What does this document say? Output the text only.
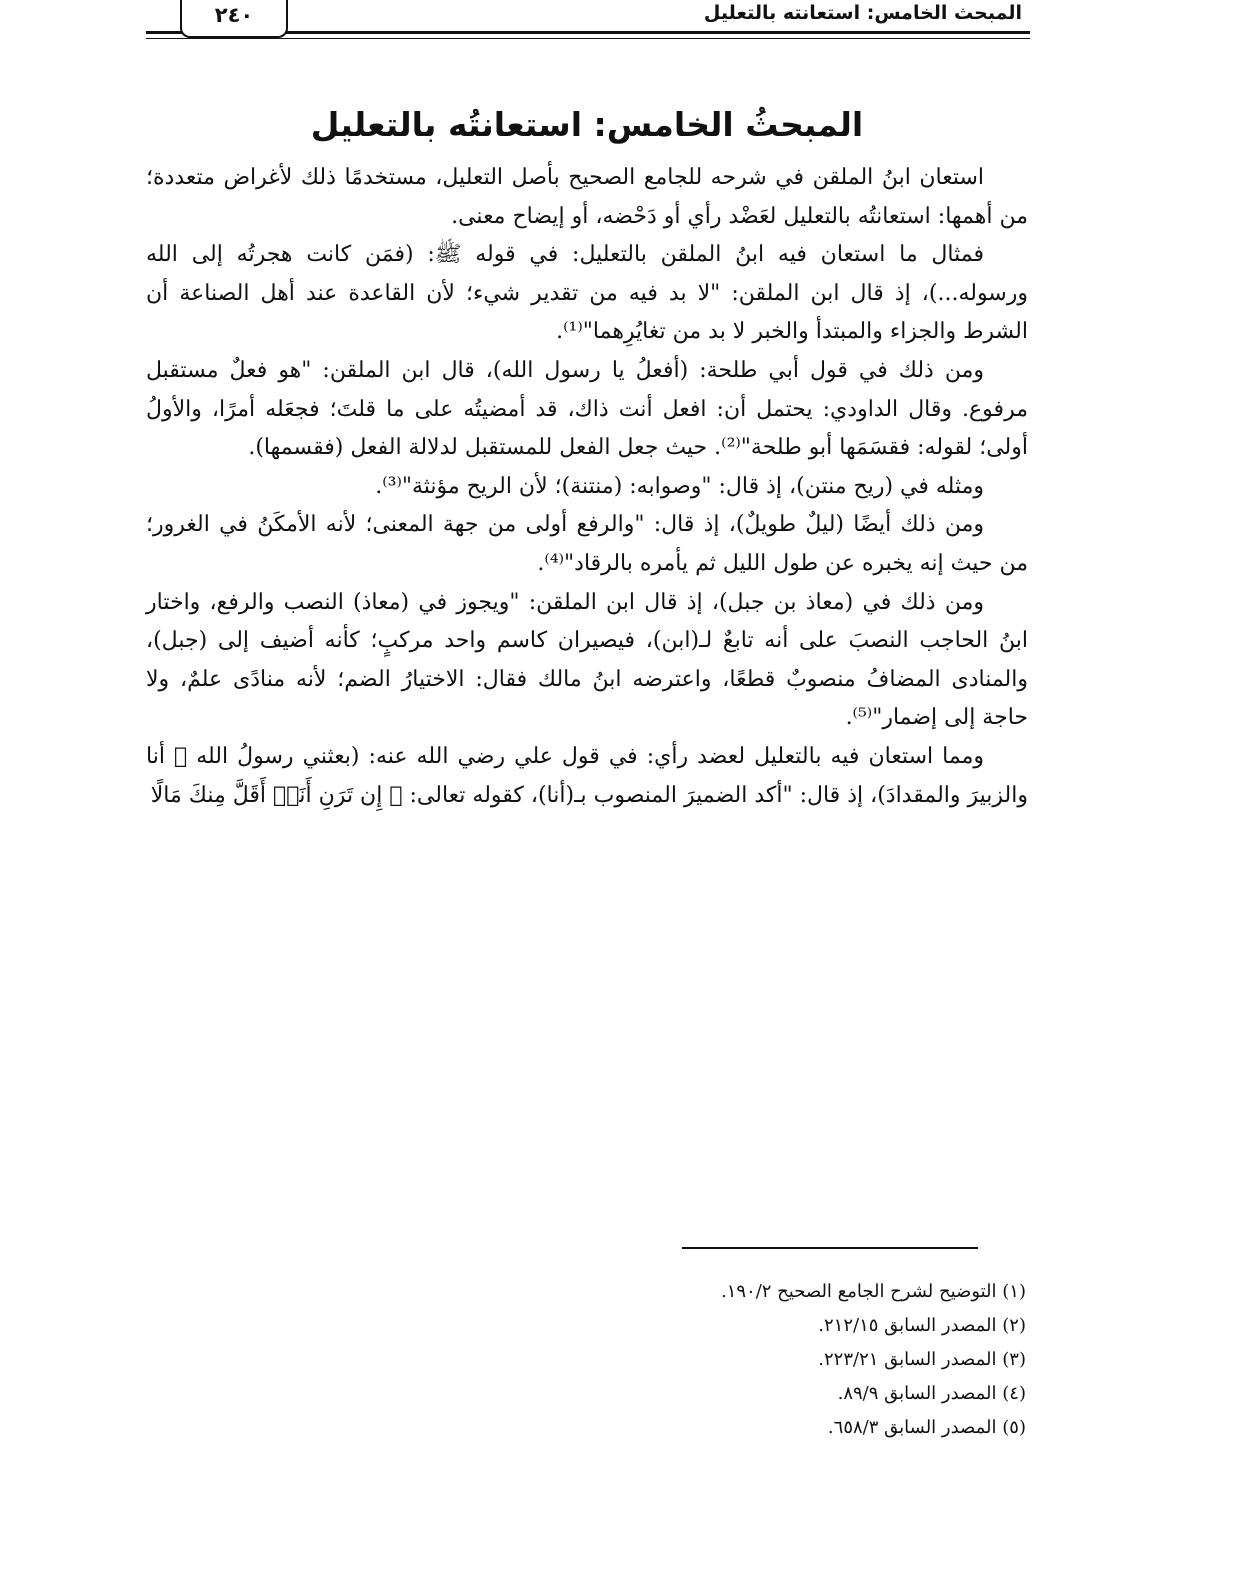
٢٤٠	المبحث الخامس: استعانته بالتعليل
المبحثُ الخامس: استعانتُه بالتعليل

استعان ابنُ الملقن في شرحه للجامع الصحيح بأصل التعليل، مستخدمًا ذلك لأغراض متعددة؛ من أهمها: استعانتُه بالتعليل لعَضْد رأي أو دَحْضه، أو إيضاح معنى.

فمثال ما استعان فيه ابنُ الملقن بالتعليل: في قوله ﷺ: (فمَن كانت هجرتُه إلى الله ورسوله...)، إذ قال ابن الملقن: "لا بد فيه من تقدير شيء؛ لأن القاعدة عند أهل الصناعة أن الشرط والجزاء والمبتدأ والخبر لا بد من تغايُرِهما"⁽¹⁾.

ومن ذلك في قول أبي طلحة: (أفعلُ يا رسول الله)، قال ابن الملقن: "هو فعلٌ مستقبل مرفوع. وقال الداودي: يحتمل أن: افعل أنت ذاك، قد أمضيتُه على ما قلتَ؛ فجعَله أمرًا، والأولُ أولى؛ لقوله: فقسَمَها أبو طلحة"⁽²⁾. حيث جعل الفعل للمستقبل لدلالة الفعل (فقسمها).

ومثله في (ريح منتن)، إذ قال: "وصوابه: (منتنة)؛ لأن الريح مؤنثة"⁽³⁾.

ومن ذلك أيضًا (ليلٌ طويلٌ)، إذ قال: "والرفع أولى من جهة المعنى؛ لأنه الأمكَنُ في الغرور؛ من حيث إنه يخبره عن طول الليل ثم يأمره بالرقاد"⁽⁴⁾.

ومن ذلك في (معاذ بن جبل)، إذ قال ابن الملقن: "ويجوز في (معاذ) النصب والرفع، واختار ابنُ الحاجب النصبَ على أنه تابعٌ لـ(ابن)، فيصيران كاسم واحد مركبٍ؛ كأنه أضيف إلى (جبل)، والمنادى المضافُ منصوبٌ قطعًا، واعترضه ابنُ مالك فقال: الاختيارُ الضم؛ لأنه منادًى علمٌ، ولا حاجة إلى إضمار"⁽⁵⁾.

ومما استعان فيه بالتعليل لعضد رأي: في قول علي رضي الله عنه: (بعثني رسولُ الله ﷺ أنا والزبيرَ والمقدادَ)، إذ قال: "أكد الضميرَ المنصوب بـ(أنا)، كقوله تعالى: ﴿ إِن تَرَنِ أَنَا۠ أَقَلَّ مِنكَ مَالًا

(١) التوضيح لشرح الجامع الصحيح ١٩٠/٢.
(٢) المصدر السابق ٢١٢/١٥.
(٣) المصدر السابق ٢٢٣/٢١.
(٤) المصدر السابق ٨٩/٩.
(٥) المصدر السابق ٦٥٨/٣.
